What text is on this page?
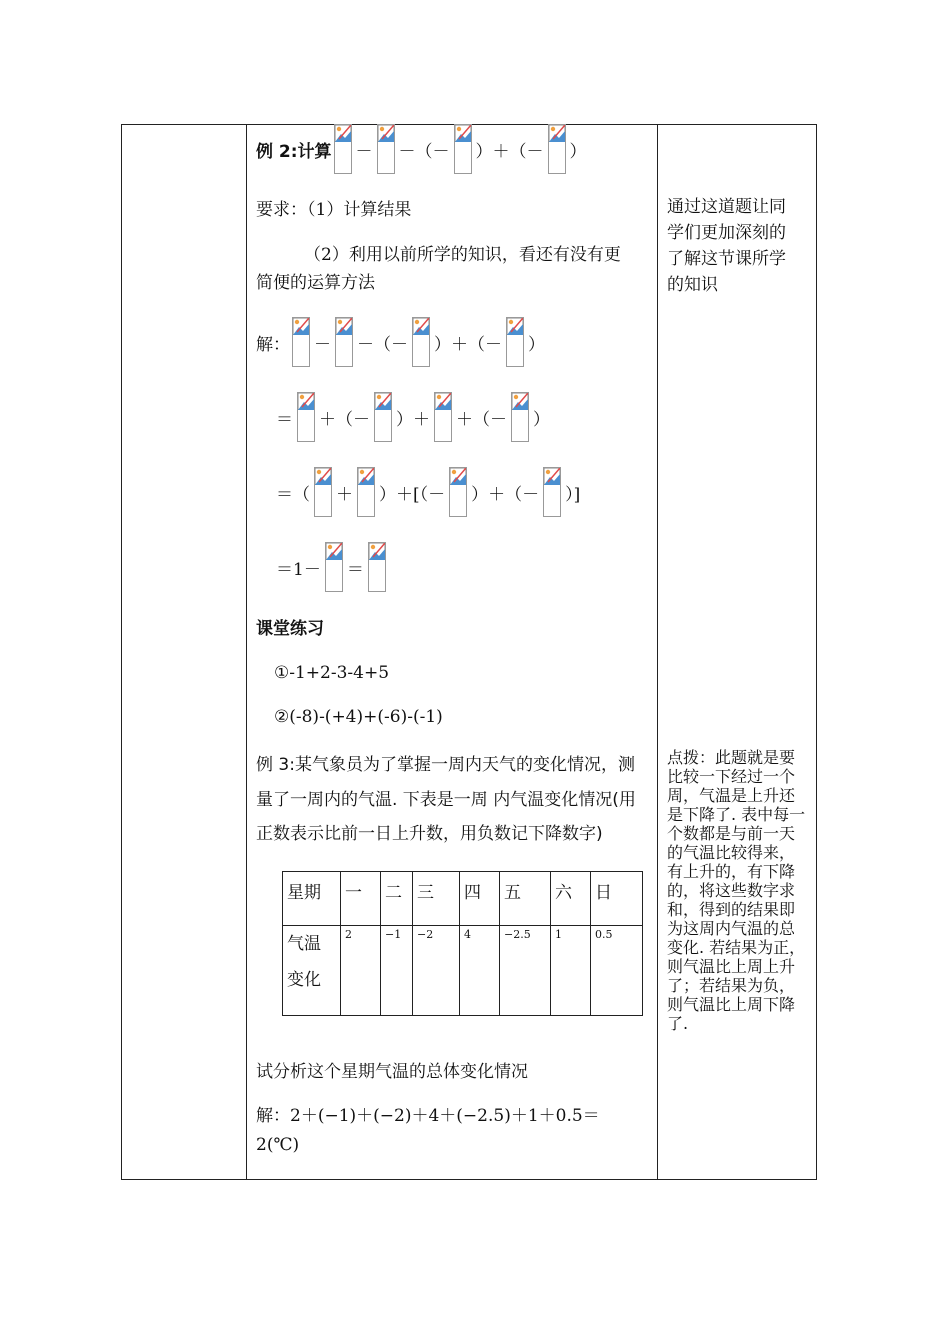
例 2:计算 － －（－ ）＋（－ ）
要求：（1）计算结果
（2）利用以前所学的知识，看还有没有更
简便的运算方法
解： － －（－ ）＋（－ ）
＝ ＋（－ ）＋ ＋（－ ）
＝（ ＋ ）＋[（－ ）＋（－ ）]
＝1－ ＝
课堂练习
①-1+2-3-4+5
②(-8)-(+4)+(-6)-(-1)
例 3:某气象员为了掌握一周内天气的变化情况，测
量了一周内的气温. 下表是一周 内气温变化情况(用
正数表示比前一日上升数，用负数记下降数字)
星期	一	二	三	四	五	六	日
气温
变化	2	−1	−2	4	−2.5	1	0.5
试分析这个星期气温的总体变化情况
解：2＋(−1)＋(−2)＋4＋(−2.5)＋1＋0.5＝
2(℃)
通过这道题让同
学们更加深刻的
了解这节课所学
的知识
点拨：此题就是要比较一下经过一个周，气温是上升还是下降了. 表中每一个数都是与前一天的气温比较得来，有上升的，有下降的，将这些数字求和，得到的结果即为这周内气温的总变化. 若结果为正，则气温比上周上升了；若结果为负，则气温比上周下降了.
